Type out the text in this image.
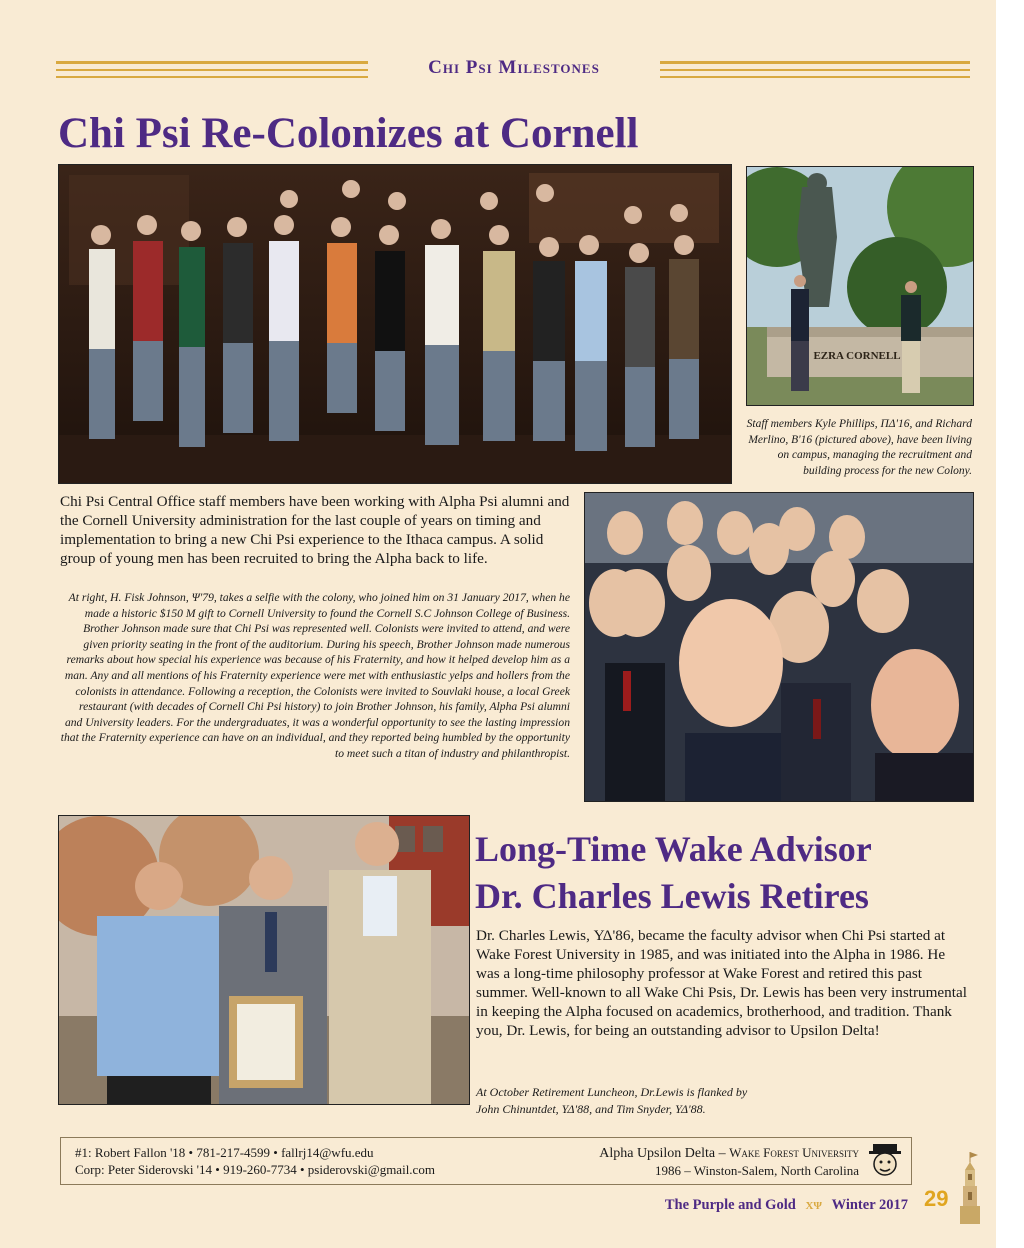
Chi Psi Milestones
Chi Psi Re-Colonizes at Cornell
EZRA CORNELL
Staff members Kyle Phillips, ΠΔ'16, and Richard Merlino, B'16 (pictured above), have been living on campus, managing the recruitment and building process for the new Colony.
Chi Psi Central Office staff members have been working with Alpha Psi alumni and the Cornell University administration for the last couple of years on timing and implementation to bring a new Chi Psi experience to the Ithaca campus. A solid group of young men has been recruited to bring the Alpha back to life.
At right, H. Fisk Johnson, Ψ'79, takes a selfie with the colony, who joined him on 31 January 2017, when he made a historic $150 M gift to Cornell University to found the Cornell S.C Johnson College of Business. Brother Johnson made sure that Chi Psi was represented well. Colonists were invited to attend, and were given priority seating in the front of the auditorium. During his speech, Brother Johnson made numerous remarks about how special his experience was because of his Fraternity, and how it helped develop him as a man. Any and all mentions of his Fraternity experience were met with enthusiastic yelps and hollers from the colonists in attendance. Following a reception, the Colonists were invited to Souvlaki house, a local Greek restaurant (with decades of Cornell Chi Psi history) to join Brother Johnson, his family, Alpha Psi alumni and University leaders. For the undergraduates, it was a wonderful opportunity to see the lasting impression that the Fraternity experience can have on an individual, and they reported being humbled by the opportunity to meet such a titan of industry and philanthropist.
Long-Time Wake Advisor
Dr. Charles Lewis Retires
Dr. Charles Lewis, ΥΔ'86, became the faculty advisor when Chi Psi started at Wake Forest University in 1985, and was initiated into the Alpha in 1986. He was a long-time philosophy professor at Wake Forest and retired this past summer. Well-known to all Wake Chi Psis, Dr. Lewis has been very instrumental in keeping the Alpha focused on academics, brotherhood, and tradition. Thank you, Dr. Lewis, for being an outstanding advisor to Upsilon Delta!
At October Retirement Luncheon, Dr.Lewis is flanked by
John Chinuntdet, ΥΔ'88, and Tim Snyder, ΥΔ'88.
#1: Robert Fallon '18 • 781-217-4599 • fallrj14@wfu.edu
Corp: Peter Siderovski '14 • 919-260-7734 • psiderovski@gmail.com
Alpha Upsilon Delta – Wake Forest University
1986 – Winston-Salem, North Carolina
The Purple and Gold ΧΨ Winter 2017 29
